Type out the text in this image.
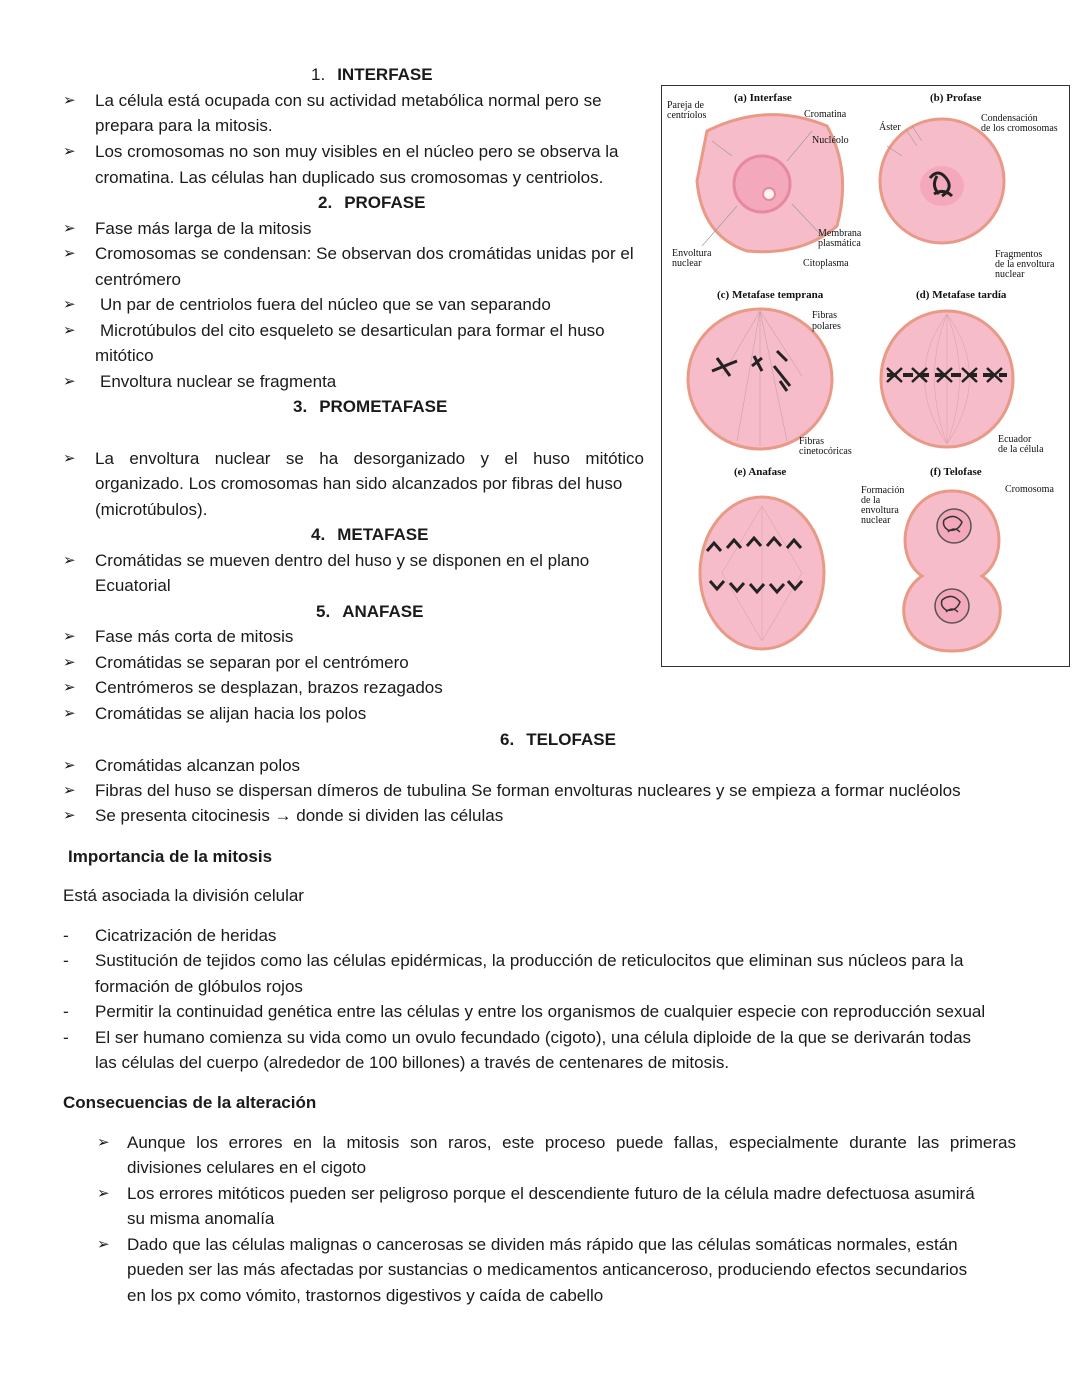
1. INTERFASE
➢ La célula está ocupada con su actividad metabólica normal pero se
prepara para la mitosis.
➢ Los cromosomas no son muy visibles en el núcleo pero se observa la
cromatina. Las células han duplicado sus cromosomas y centriolos.
2. PROFASE
➢ Fase más larga de la mitosis
➢ Cromosomas se condensan: Se observan dos cromátidas unidas por el
centrómero
➢ Un par de centriolos fuera del núcleo que se van separando
➢ Microtúbulos del cito esqueleto se desarticulan para formar el huso
mitótico
➢ Envoltura nuclear se fragmenta
3. PROMETAFASE
➢ La envoltura nuclear se ha desorganizado y el huso mitótico
organizado. Los cromosomas han sido alcanzados por fibras del huso
(microtúbulos).
4. METAFASE
➢ Cromátidas se mueven dentro del huso y se disponen en el plano
Ecuatorial
5. ANAFASE
➢ Fase más corta de mitosis
➢ Cromátidas se separan por el centrómero
➢ Centrómeros se desplazan, brazos rezagados
➢ Cromátidas se alijan hacia los polos
6. TELOFASE
➢ Cromátidas alcanzan polos
➢ Fibras del huso se dispersan dímeros de tubulina Se forman envolturas nucleares y se empieza a formar nucléolos
➢ Se presenta citocinesis → donde si dividen las células
Importancia de la mitosis
Está asociada la división celular
- Cicatrización de heridas
- Sustitución de tejidos como las células epidérmicas, la producción de reticulocitos que eliminan sus núcleos para la
formación de glóbulos rojos
- Permitir la continuidad genética entre las células y entre los organismos de cualquier especie con reproducción sexual
- El ser humano comienza su vida como un ovulo fecundado (cigoto), una célula diploide de la que se derivarán todas
las células del cuerpo (alrededor de 100 billones) a través de centenares de mitosis.
Consecuencias de la alteración
➢ Aunque los errores en la mitosis son raros, este proceso puede fallas, especialmente durante las primeras
divisiones celulares en el cigoto
➢ Los errores mitóticos pueden ser peligroso porque el descendiente futuro de la célula madre defectuosa asumirá
su misma anomalía
➢ Dado que las células malignas o cancerosas se dividen más rápido que las células somáticas normales, están
pueden ser las más afectadas por sustancias o medicamentos anticanceroso, produciendo efectos secundarios
en los px como vómito, trastornos digestivos y caída de cabello
Pareja de
centríolos
(a) Interfase
Cromatina
Nucléolo
Membrana
plasmática
Envoltura
nuclear	Citoplasma
(b) Profase
Áster
Condensación
de los cromosomas
Fragmentos
de la envoltura
nuclear
(c) Metafase temprana
Fibras
polares
Fibras
cinetocóricas
(d) Metafase tardía
Ecuador
de la célula
(e) Anafase	(f) Telofase
Formación
de la
envoltura
nuclear
Cromosoma
